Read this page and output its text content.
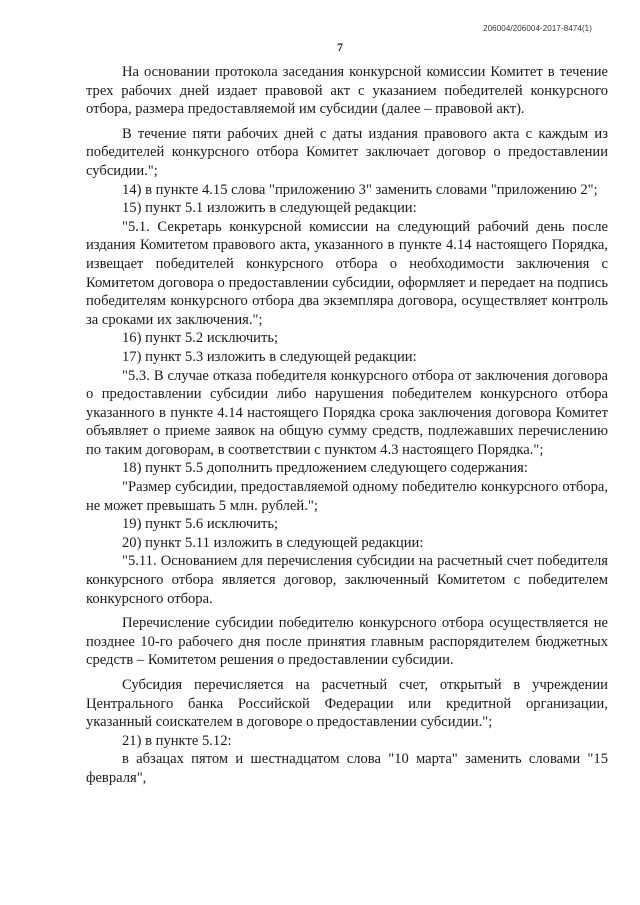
206004/206004-2017-8474(1)
7

На основании протокола заседания конкурсной комиссии Комитет в течение трех рабочих дней издает правовой акт с указанием победителей конкурсного отбора, размера предоставляемой им субсидии (далее – правовой акт).

В течение пяти рабочих дней с даты издания правового акта с каждым из победителей конкурсного отбора Комитет заключает договор о предоставлении субсидии.";

14) в пункте 4.15 слова "приложению 3" заменить словами "приложению 2";

15) пункт 5.1 изложить в следующей редакции:

"5.1. Секретарь конкурсной комиссии на следующий рабочий день после издания Комитетом правового акта, указанного в пункте 4.14 настоящего Порядка, извещает победителей конкурсного отбора о необходимости заключения с Комитетом договора о предоставлении субсидии, оформляет и передает на подпись победителям конкурсного отбора два экземпляра договора, осуществляет контроль за сроками их заключения.";

16) пункт 5.2 исключить;

17) пункт 5.3 изложить в следующей редакции:

"5.3. В случае отказа победителя конкурсного отбора от заключения договора о предоставлении субсидии либо нарушения победителем конкурсного отбора указанного в пункте 4.14 настоящего Порядка срока заключения договора Комитет объявляет о приеме заявок на общую сумму средств, подлежавших перечислению по таким договорам, в соответствии с пунктом 4.3 настоящего Порядка.";

18) пункт 5.5 дополнить предложением следующего содержания:

"Размер субсидии, предоставляемой одному победителю конкурсного отбора, не может превышать 5 млн. рублей.";

19) пункт 5.6 исключить;

20) пункт 5.11 изложить в следующей редакции:

"5.11. Основанием для перечисления субсидии на расчетный счет победителя конкурсного отбора является договор, заключенный Комитетом с победителем конкурсного отбора.

Перечисление субсидии победителю конкурсного отбора осуществляется не позднее 10-го рабочего дня после принятия главным распорядителем бюджетных средств – Комитетом решения о предоставлении субсидии.

Субсидия перечисляется на расчетный счет, открытый в учреждении Центрального банка Российской Федерации или кредитной организации, указанный соискателем в договоре о предоставлении субсидии.";

21) в пункте 5.12:

в абзацах пятом и шестнадцатом слова "10 марта" заменить словами "15 февраля",
